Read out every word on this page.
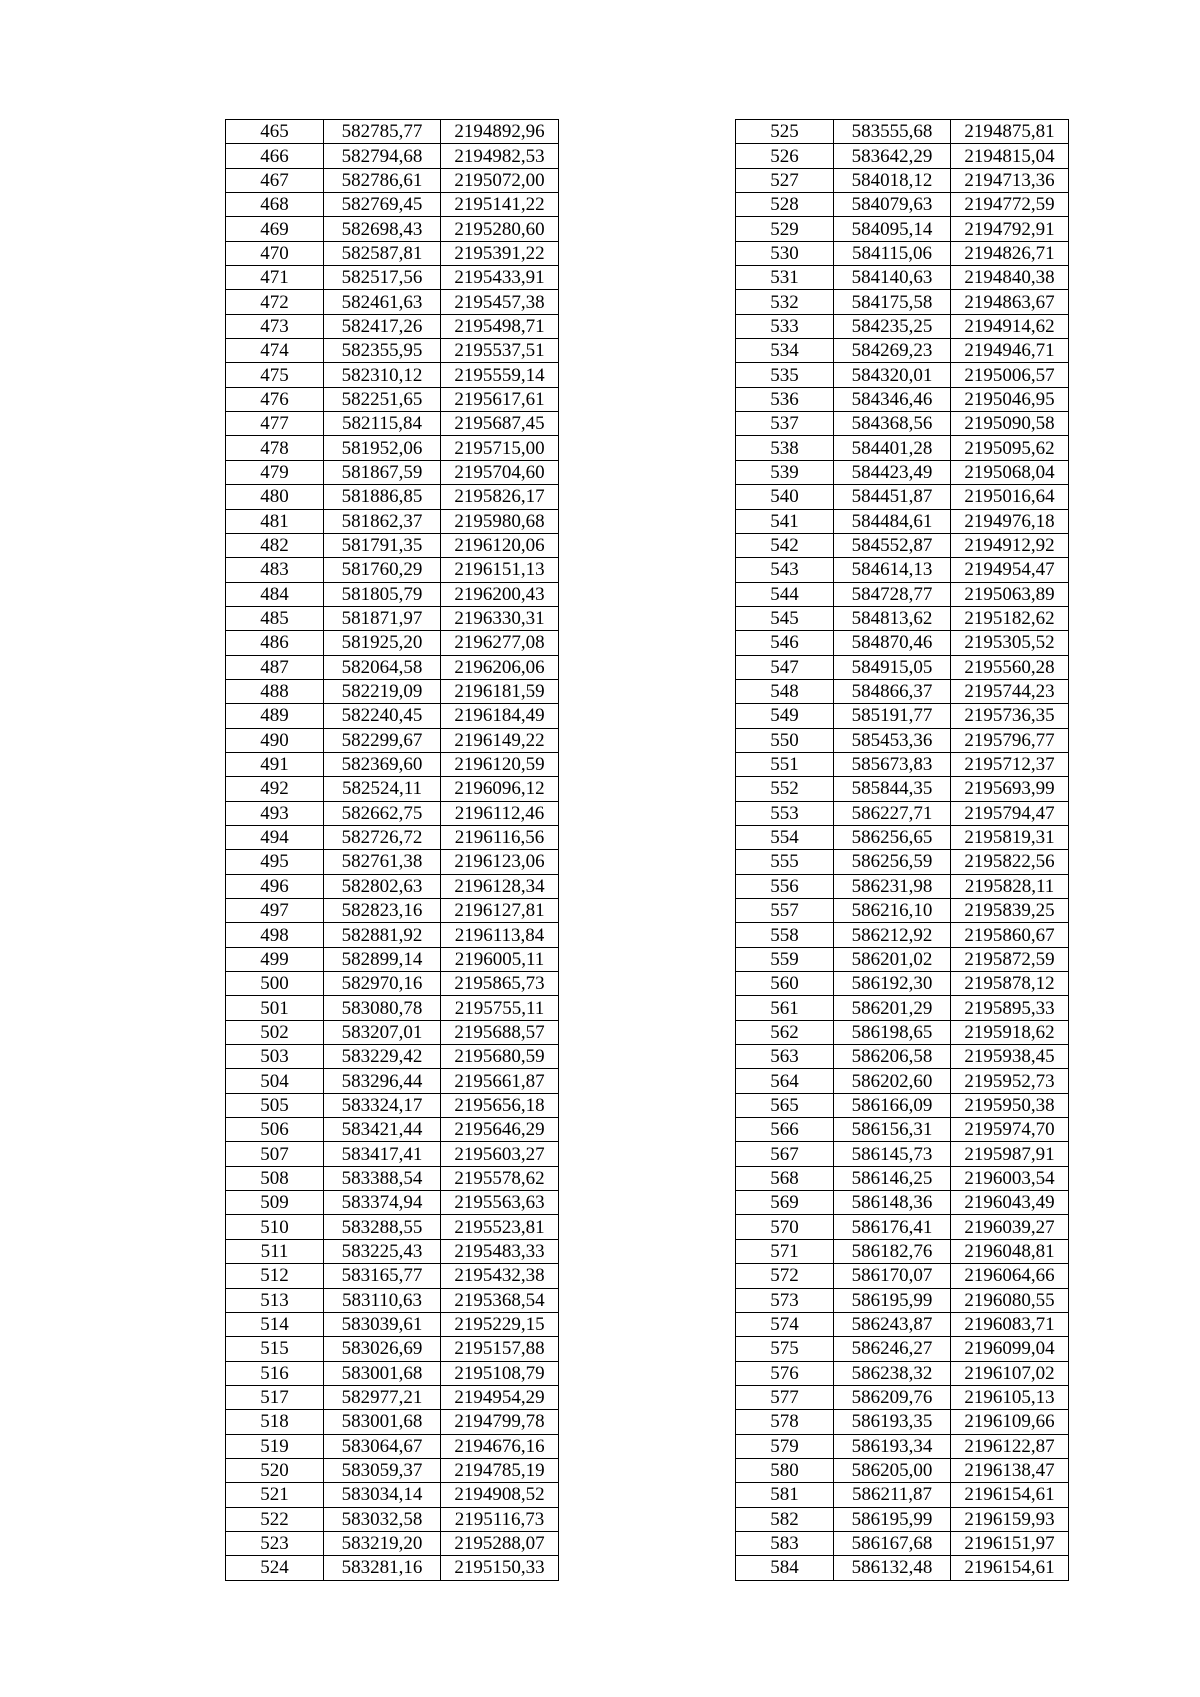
465	582785,77	2194892,96
466	582794,68	2194982,53
467	582786,61	2195072,00
468	582769,45	2195141,22
469	582698,43	2195280,60
470	582587,81	2195391,22
471	582517,56	2195433,91
472	582461,63	2195457,38
473	582417,26	2195498,71
474	582355,95	2195537,51
475	582310,12	2195559,14
476	582251,65	2195617,61
477	582115,84	2195687,45
478	581952,06	2195715,00
479	581867,59	2195704,60
480	581886,85	2195826,17
481	581862,37	2195980,68
482	581791,35	2196120,06
483	581760,29	2196151,13
484	581805,79	2196200,43
485	581871,97	2196330,31
486	581925,20	2196277,08
487	582064,58	2196206,06
488	582219,09	2196181,59
489	582240,45	2196184,49
490	582299,67	2196149,22
491	582369,60	2196120,59
492	582524,11	2196096,12
493	582662,75	2196112,46
494	582726,72	2196116,56
495	582761,38	2196123,06
496	582802,63	2196128,34
497	582823,16	2196127,81
498	582881,92	2196113,84
499	582899,14	2196005,11
500	582970,16	2195865,73
501	583080,78	2195755,11
502	583207,01	2195688,57
503	583229,42	2195680,59
504	583296,44	2195661,87
505	583324,17	2195656,18
506	583421,44	2195646,29
507	583417,41	2195603,27
508	583388,54	2195578,62
509	583374,94	2195563,63
510	583288,55	2195523,81
511	583225,43	2195483,33
512	583165,77	2195432,38
513	583110,63	2195368,54
514	583039,61	2195229,15
515	583026,69	2195157,88
516	583001,68	2195108,79
517	582977,21	2194954,29
518	583001,68	2194799,78
519	583064,67	2194676,16
520	583059,37	2194785,19
521	583034,14	2194908,52
522	583032,58	2195116,73
523	583219,20	2195288,07
524	583281,16	2195150,33
525	583555,68	2194875,81
526	583642,29	2194815,04
527	584018,12	2194713,36
528	584079,63	2194772,59
529	584095,14	2194792,91
530	584115,06	2194826,71
531	584140,63	2194840,38
532	584175,58	2194863,67
533	584235,25	2194914,62
534	584269,23	2194946,71
535	584320,01	2195006,57
536	584346,46	2195046,95
537	584368,56	2195090,58
538	584401,28	2195095,62
539	584423,49	2195068,04
540	584451,87	2195016,64
541	584484,61	2194976,18
542	584552,87	2194912,92
543	584614,13	2194954,47
544	584728,77	2195063,89
545	584813,62	2195182,62
546	584870,46	2195305,52
547	584915,05	2195560,28
548	584866,37	2195744,23
549	585191,77	2195736,35
550	585453,36	2195796,77
551	585673,83	2195712,37
552	585844,35	2195693,99
553	586227,71	2195794,47
554	586256,65	2195819,31
555	586256,59	2195822,56
556	586231,98	2195828,11
557	586216,10	2195839,25
558	586212,92	2195860,67
559	586201,02	2195872,59
560	586192,30	2195878,12
561	586201,29	2195895,33
562	586198,65	2195918,62
563	586206,58	2195938,45
564	586202,60	2195952,73
565	586166,09	2195950,38
566	586156,31	2195974,70
567	586145,73	2195987,91
568	586146,25	2196003,54
569	586148,36	2196043,49
570	586176,41	2196039,27
571	586182,76	2196048,81
572	586170,07	2196064,66
573	586195,99	2196080,55
574	586243,87	2196083,71
575	586246,27	2196099,04
576	586238,32	2196107,02
577	586209,76	2196105,13
578	586193,35	2196109,66
579	586193,34	2196122,87
580	586205,00	2196138,47
581	586211,87	2196154,61
582	586195,99	2196159,93
583	586167,68	2196151,97
584	586132,48	2196154,61
